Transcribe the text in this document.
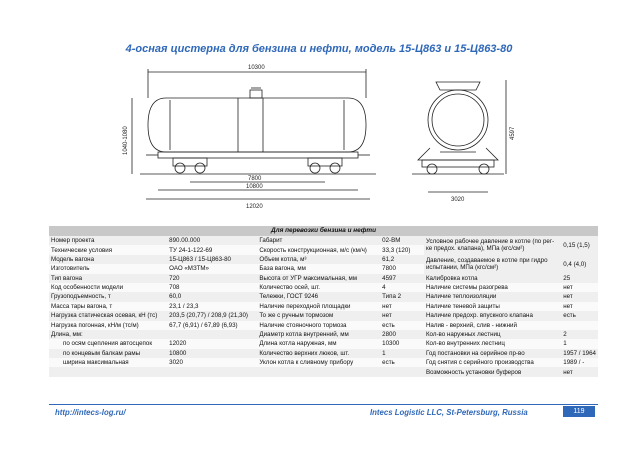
4-осная цистерна для бензина и нефти, модель 15-Ц863 и 15-Ц863-80
10300
1040-1080
7800
10800
12020
3020
4597
Для перевозки бензина и нефти					
Номер проекта	890.00.000	Габарит	02-ВМ	Условное рабочее давление в котле (по рег-ке предох. клапана), МПа (кгс/см²)	0,15 (1,5)
Технические условия	ТУ 24-1-122-69	Скорость конструкционная, м/с (км/ч)	33,3 (120)		
Модель вагона	15-Ц863 / 15-Ц863-80	Объем котла, м³	61,2	Давление, создаваемое в котле при гидро испытании, МПа (кгс/см²)	0,4 (4,0)
Изготовитель	ОАО «МЗТМ»	База вагона, мм	7800		
Тип вагона	720	Высота от УГР максимальная, мм	4597	Калибровка котла	25
Код особенности модели	708	Количество осей, шт.	4	Наличие системы разогрева	нет
Грузоподъемность, т	60,0	Тележки, ГОСТ 9246	Типа 2	Наличие теплоизоляции	нет
Масса тары вагона, т	23,1 / 23,3	Наличие переходной площадки	нет	Наличие теневой защиты	нет
Нагрузка статическая осевая, кН (тс)	203,5 (20,77) / 208,9 (21,30)	То же с ручным тормозом	нет	Наличие предохр. впускного клапана	есть
Нагрузка погонная, кН/м (тс/м)	67,7 (6,91) / 67,89 (6,93)	Наличие стояночного тормоза	есть	Налив - верхний, слив - нижний	
Длина, мм:		Диаметр котла внутренний, мм	2800	Кол-во наружных лестниц	2
по осям сцепления автосцепок	12020	Длина котла наружная, мм	10300	Кол-во внутренних лестниц	1
по концевым балкам рамы	10800	Количество верхних люков, шт.	1	Год постановки на серийное пр-во	1957 / 1964
ширина максимальная	3020	Уклон котла к сливному прибору	есть	Год снятия с серийного производства	1989 / -
				Возможность установки буферов	нет
http://intecs-log.ru/	Intecs Logistic LLC, St-Petersburg, Russia	119
